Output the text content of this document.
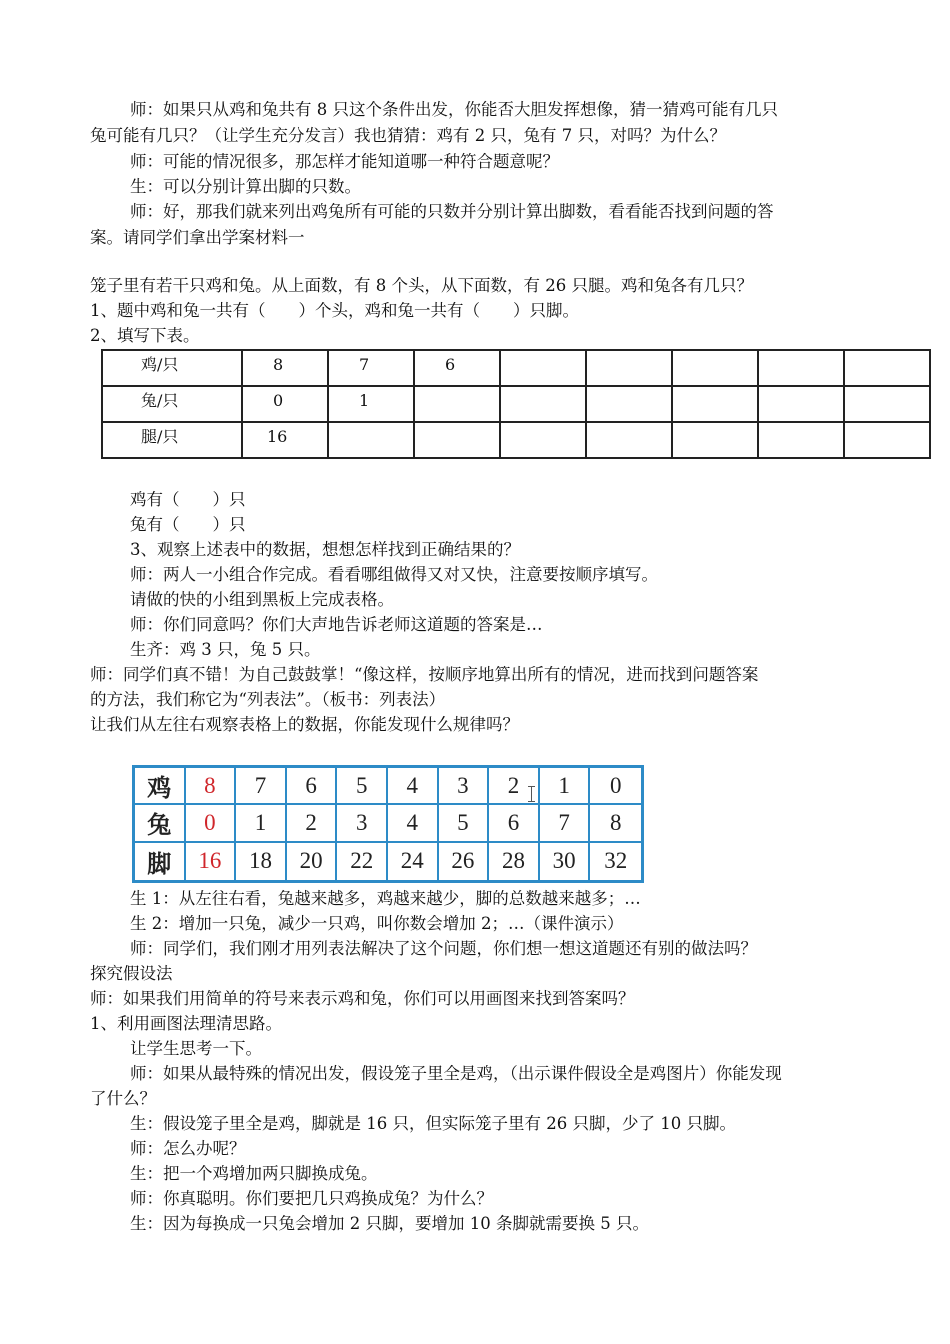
师：如果只从鸡和兔共有 8 只这个条件出发，你能否大胆发挥想像，猜一猜鸡可能有几只
兔可能有几只？（让学生充分发言）我也猜猜：鸡有 2 只，兔有 7 只，对吗？为什么？
师：可能的情况很多，那怎样才能知道哪一种符合题意呢？
生：可以分别计算出脚的只数。
师：好，那我们就来列出鸡兔所有可能的只数并分别计算出脚数，看看能否找到问题的答
案。请同学们拿出学案材料一
笼子里有若干只鸡和兔。从上面数，有 8 个头，从下面数，有 26 只腿。鸡和兔各有几只？
1、题中鸡和兔一共有（　　）个头，鸡和兔一共有（　　）只脚。
2、填写下表。
鸡/只	8	7	6					
兔/只	0	1						
腿/只	16							
鸡有（　　）只
兔有（　　）只
3、观察上述表中的数据，想想怎样找到正确结果的？
师：两人一小组合作完成。看看哪组做得又对又快，注意要按顺序填写。
请做的快的小组到黑板上完成表格。
师：你们同意吗？你们大声地告诉老师这道题的答案是…
生齐：鸡 3 只，兔 5 只。
师：同学们真不错！为自己鼓鼓掌！“像这样，按顺序地算出所有的情况，进而找到问题答案
的方法，我们称它为“列表法”。（板书：列表法）
让我们从左往右观察表格上的数据，你能发现什么规律吗？
鸡	8	7	6	5	4	3	2	1	0
兔	0	1	2	3	4	5	6	7	8
脚	16	18	20	22	24	26	28	30	32
生 1：从左往右看，兔越来越多，鸡越来越少，脚的总数越来越多；…
生 2：增加一只兔，减少一只鸡，叫你数会增加 2；…（课件演示）
师：同学们，我们刚才用列表法解决了这个问题，你们想一想这道题还有别的做法吗？
探究假设法
师：如果我们用简单的符号来表示鸡和兔，你们可以用画图来找到答案吗？
1、利用画图法理清思路。
让学生思考一下。
师：如果从最特殊的情况出发，假设笼子里全是鸡，（出示课件假设全是鸡图片）你能发现
了什么？
生：假设笼子里全是鸡，脚就是 16 只，但实际笼子里有 26 只脚，少了 10 只脚。
师：怎么办呢？
生：把一个鸡增加两只脚换成兔。
师：你真聪明。你们要把几只鸡换成兔？为什么？
生：因为每换成一只兔会增加 2 只脚，要增加 10 条脚就需要换 5 只。
